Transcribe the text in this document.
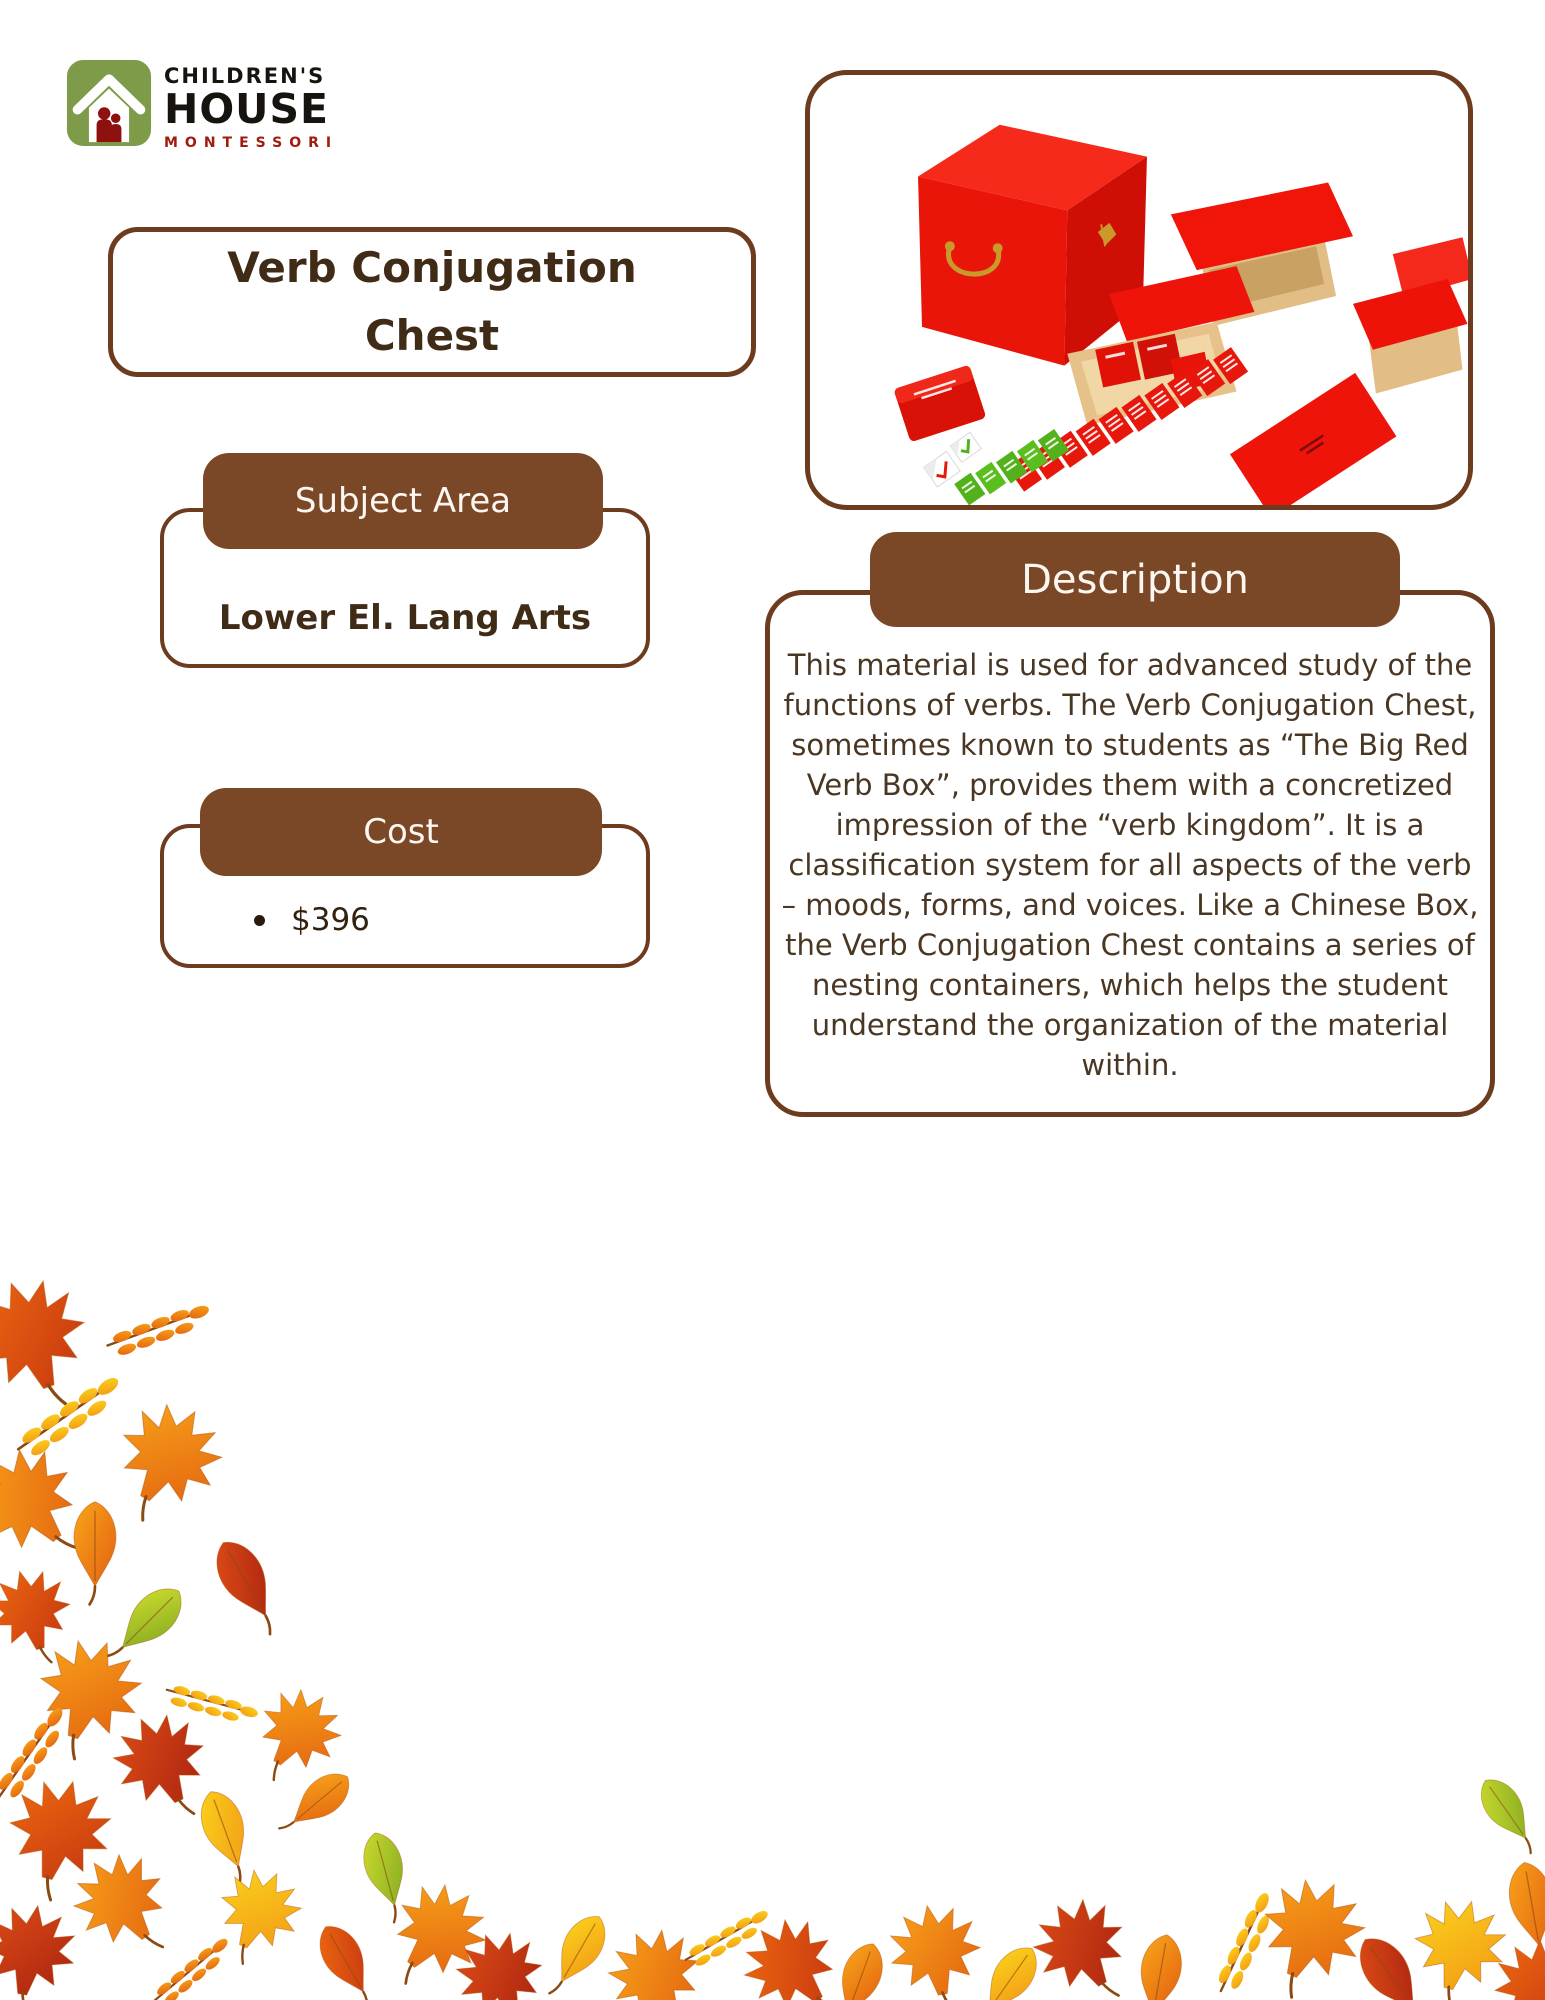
CHILDREN'S
HOUSE
MONTESSORI
Verb Conjugation Chest
Subject Area
Lower El. Lang Arts
Cost
$396
Description
This material is used for advanced study of the functions of verbs. The Verb Conjugation Chest, sometimes known to students as “The Big Red Verb Box”, provides them with a concretized impression of the “verb kingdom”. It is a classification system for all aspects of the verb – moods, forms, and voices. Like a Chinese Box, the Verb Conjugation Chest contains a series of nesting containers, which helps the student understand the organization of the material within.
